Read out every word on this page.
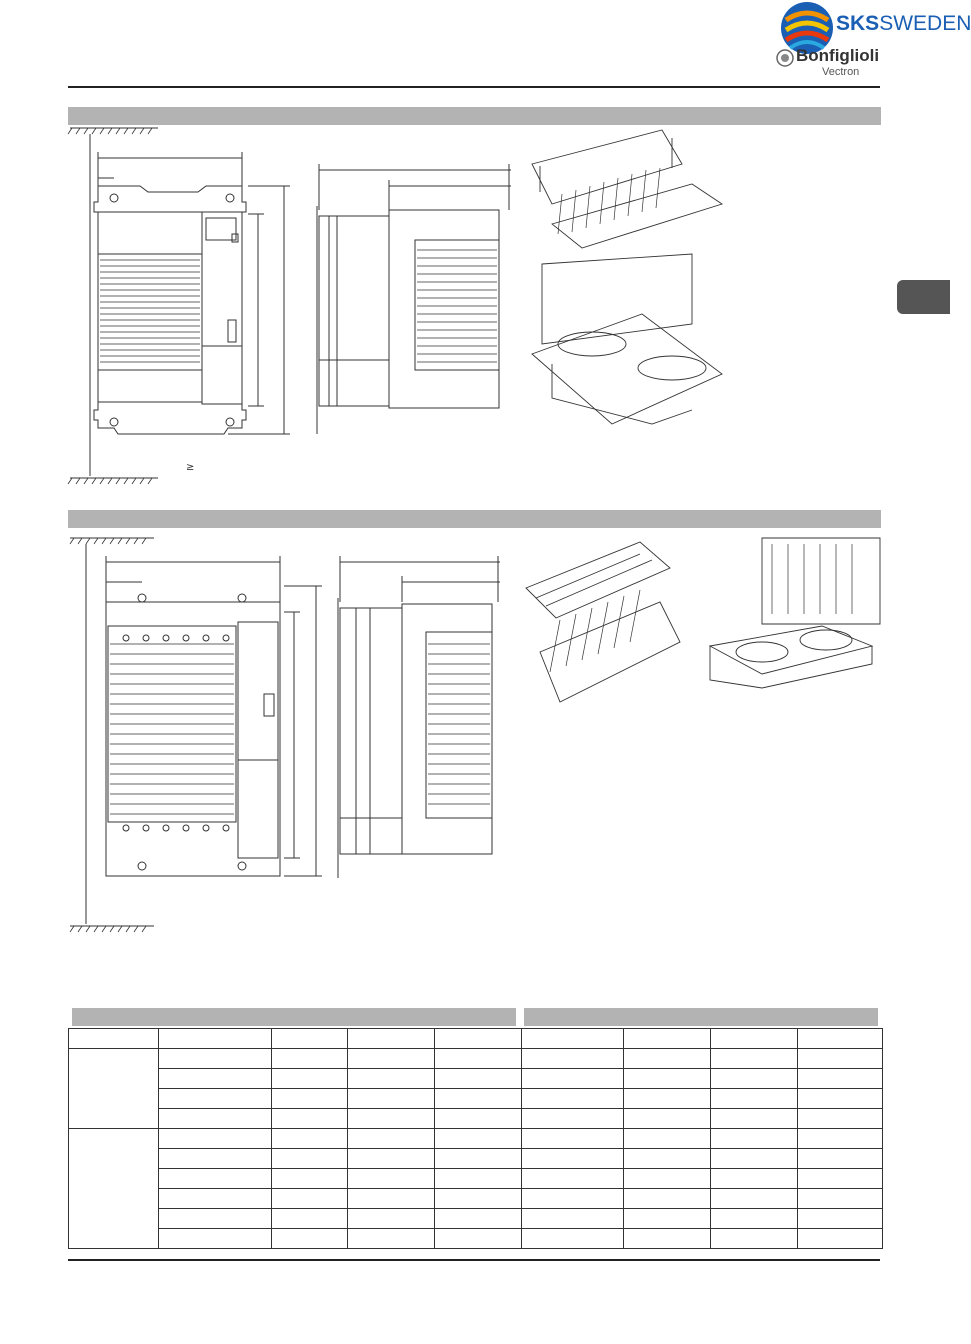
SKSSWEDEN
Bonfiglioli
Vectron
≥
